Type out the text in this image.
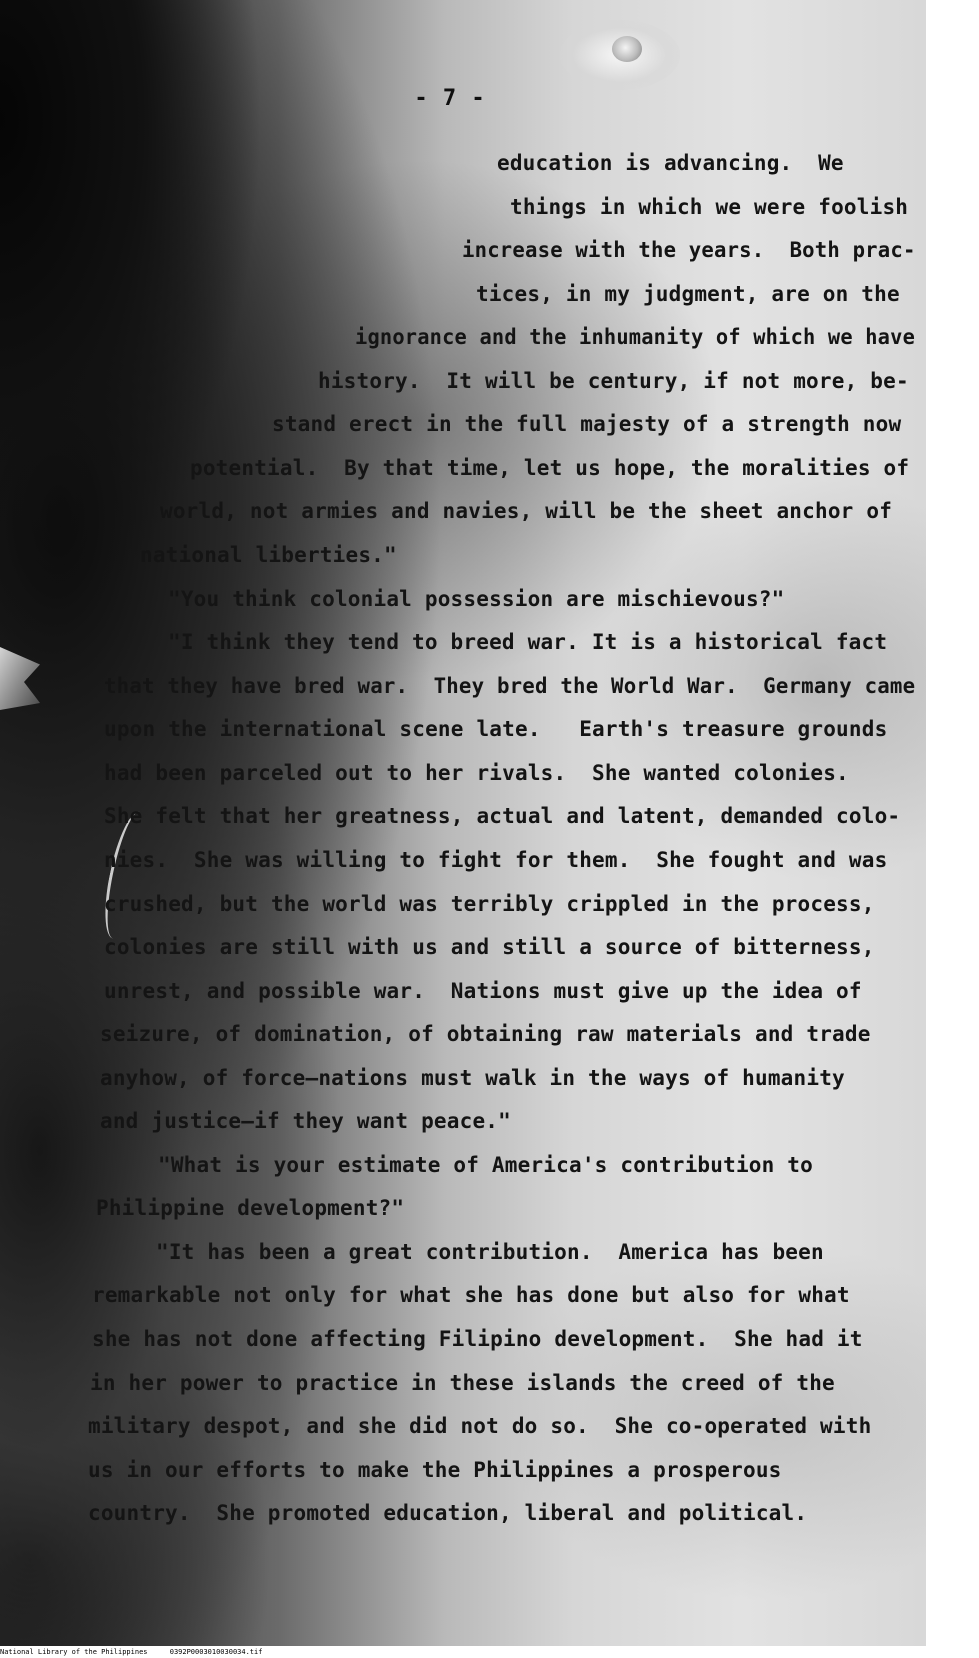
- 7 -

education is advancing.  We

things in which we were foolish

increase with the years.  Both prac-

tices, in my judgment, are on the

ignorance and the inhumanity of which we have

history.  It will be century, if not more, be-

stand erect in the full majesty of a strength now

potential.  By that time, let us hope, the moralities of

world, not armies and navies, will be the sheet anchor of

national liberties."

"You think colonial possession are mischievous?"

"I think they tend to breed war. It is a historical fact

that they have bred war.  They bred the World War.  Germany came

upon the international scene late.   Earth's treasure grounds

had been parceled out to her rivals.  She wanted colonies.

She felt that her greatness, actual and latent, demanded colo-

nies.  She was willing to fight for them.  She fought and was

crushed, but the world was terribly crippled in the process,

colonies are still with us and still a source of bitterness,

unrest, and possible war.  Nations must give up the idea of

seizure, of domination, of obtaining raw materials and trade

anyhow, of force—nations must walk in the ways of humanity

and justice—if they want peace."

"What is your estimate of America's contribution to

Philippine development?"

"It has been a great contribution.  America has been

remarkable not only for what she has done but also for what

she has not done affecting Filipino development.  She had it

in her power to practice in these islands the creed of the

military despot, and she did not do so.  She co-operated with

us in our efforts to make the Philippines a prosperous

country.  She promoted education, liberal and political.

National Library of the Philippines	0392P0003010030034.tif
